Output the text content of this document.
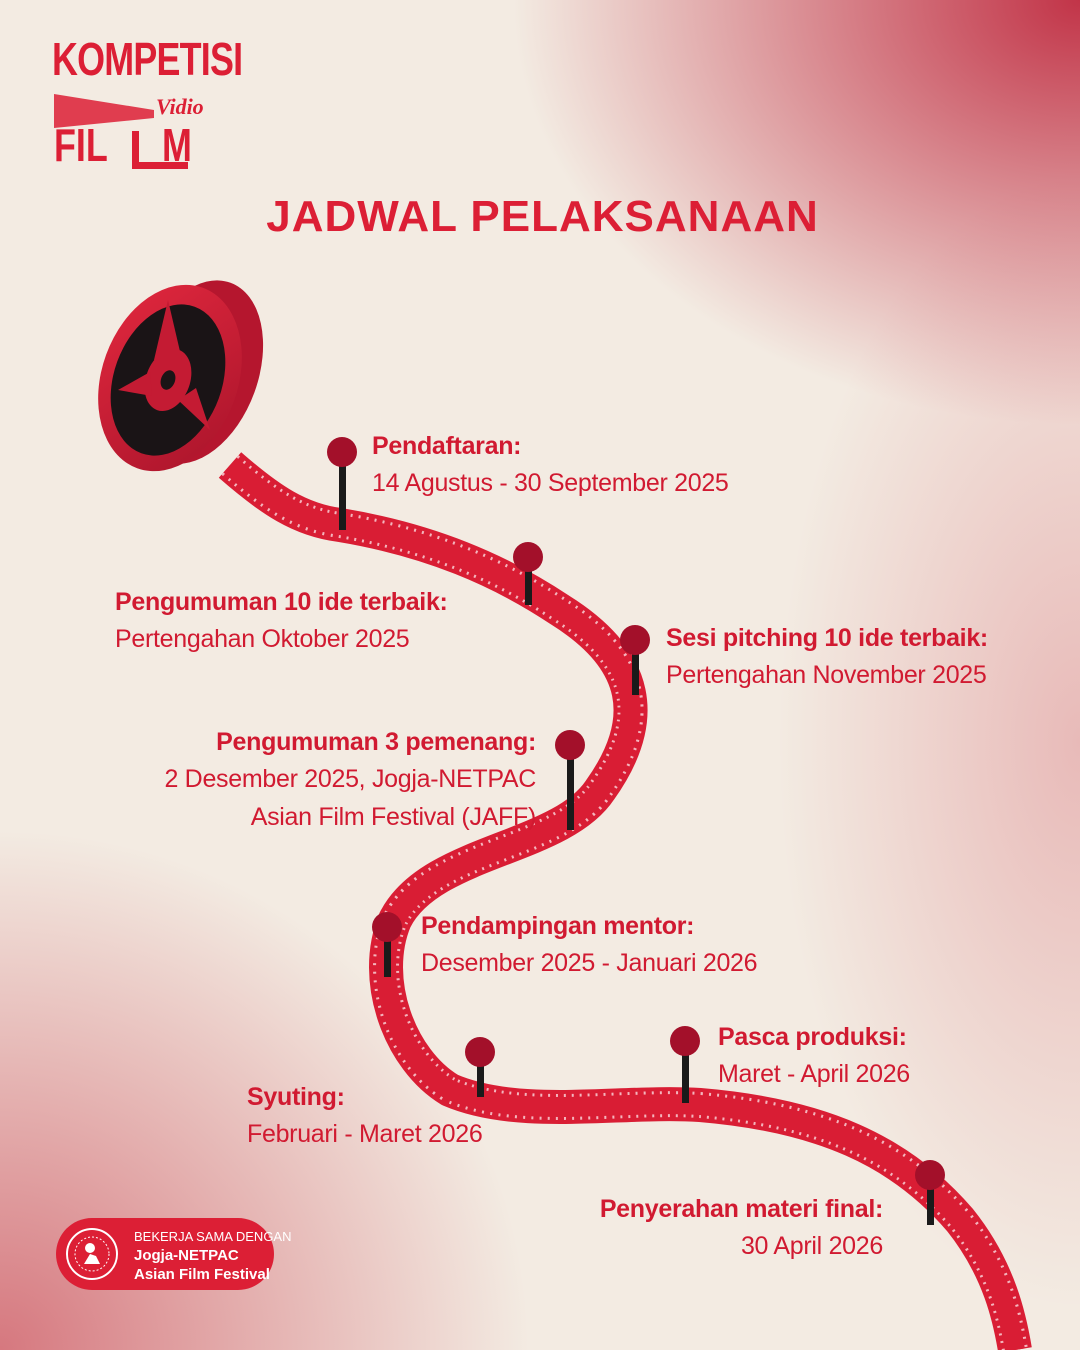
KOMPETISI
Vidio
FIL M
JADWAL PELAKSANAAN
Pendaftaran:
14 Agustus - 30 September 2025
Pengumuman 10 ide terbaik:
Pertengahan Oktober 2025	Sesi pitching 10 ide terbaik:
Pertengahan November 2025
Pengumuman 3 pemenang:
2 Desember 2025, Jogja-NETPAC
Asian Film Festival (JAFF)
Pendampingan mentor:
Desember 2025 - Januari 2026
Pasca produksi:
Maret - April 2026
Syuting:
Februari - Maret 2026
Penyerahan materi final:
30 April 2026
BEKERJA SAMA DENGAN
Jogja-NETPAC
Asian Film Festival
